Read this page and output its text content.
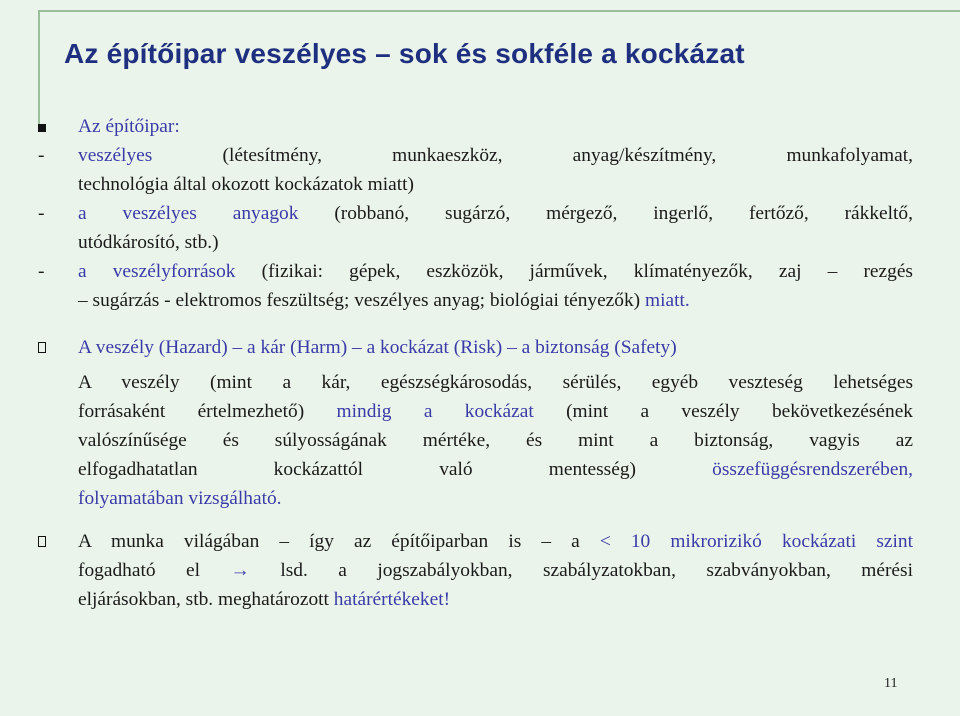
Az építőipar veszélyes – sok és sokféle a kockázat
Az építőipar:
-	veszélyes	(létesítmény, munkaeszköz, anyag/készítmény, munkafolyamat,
technológia által okozott kockázatok miatt)
-	a veszélyes anyagok (robbanó, sugárzó, mérgező, ingerlő, fertőző, rákkeltő,
utódkárosító, stb.)
-	a veszélyforrások (fizikai: gépek, eszközök, járművek, klímatényezők, zaj – rezgés
– sugárzás - elektromos feszültség; veszélyes anyag; biológiai tényezők) miatt.
A veszély (Hazard) – a kár (Harm) – a kockázat (Risk) – a biztonság (Safety)
A veszély (mint a kár, egészségkárosodás, sérülés, egyéb veszteség lehetséges
forrásaként értelmezhető) mindig a kockázat (mint a veszély bekövetkezésének
valószínűsége és súlyosságának mértéke, és mint a biztonság, vagyis az
elfogadhatatlan kockázattól való mentesség)	összefüggésrendszerében,
folyamatában vizsgálható.
A munka világában – így az építőiparban is – a < 10 mikrorizikó kockázati szint
fogadható el → lsd. a jogszabályokban, szabályzatokban, szabványokban, mérési
eljárásokban, stb. meghatározott határértékeket!
11
